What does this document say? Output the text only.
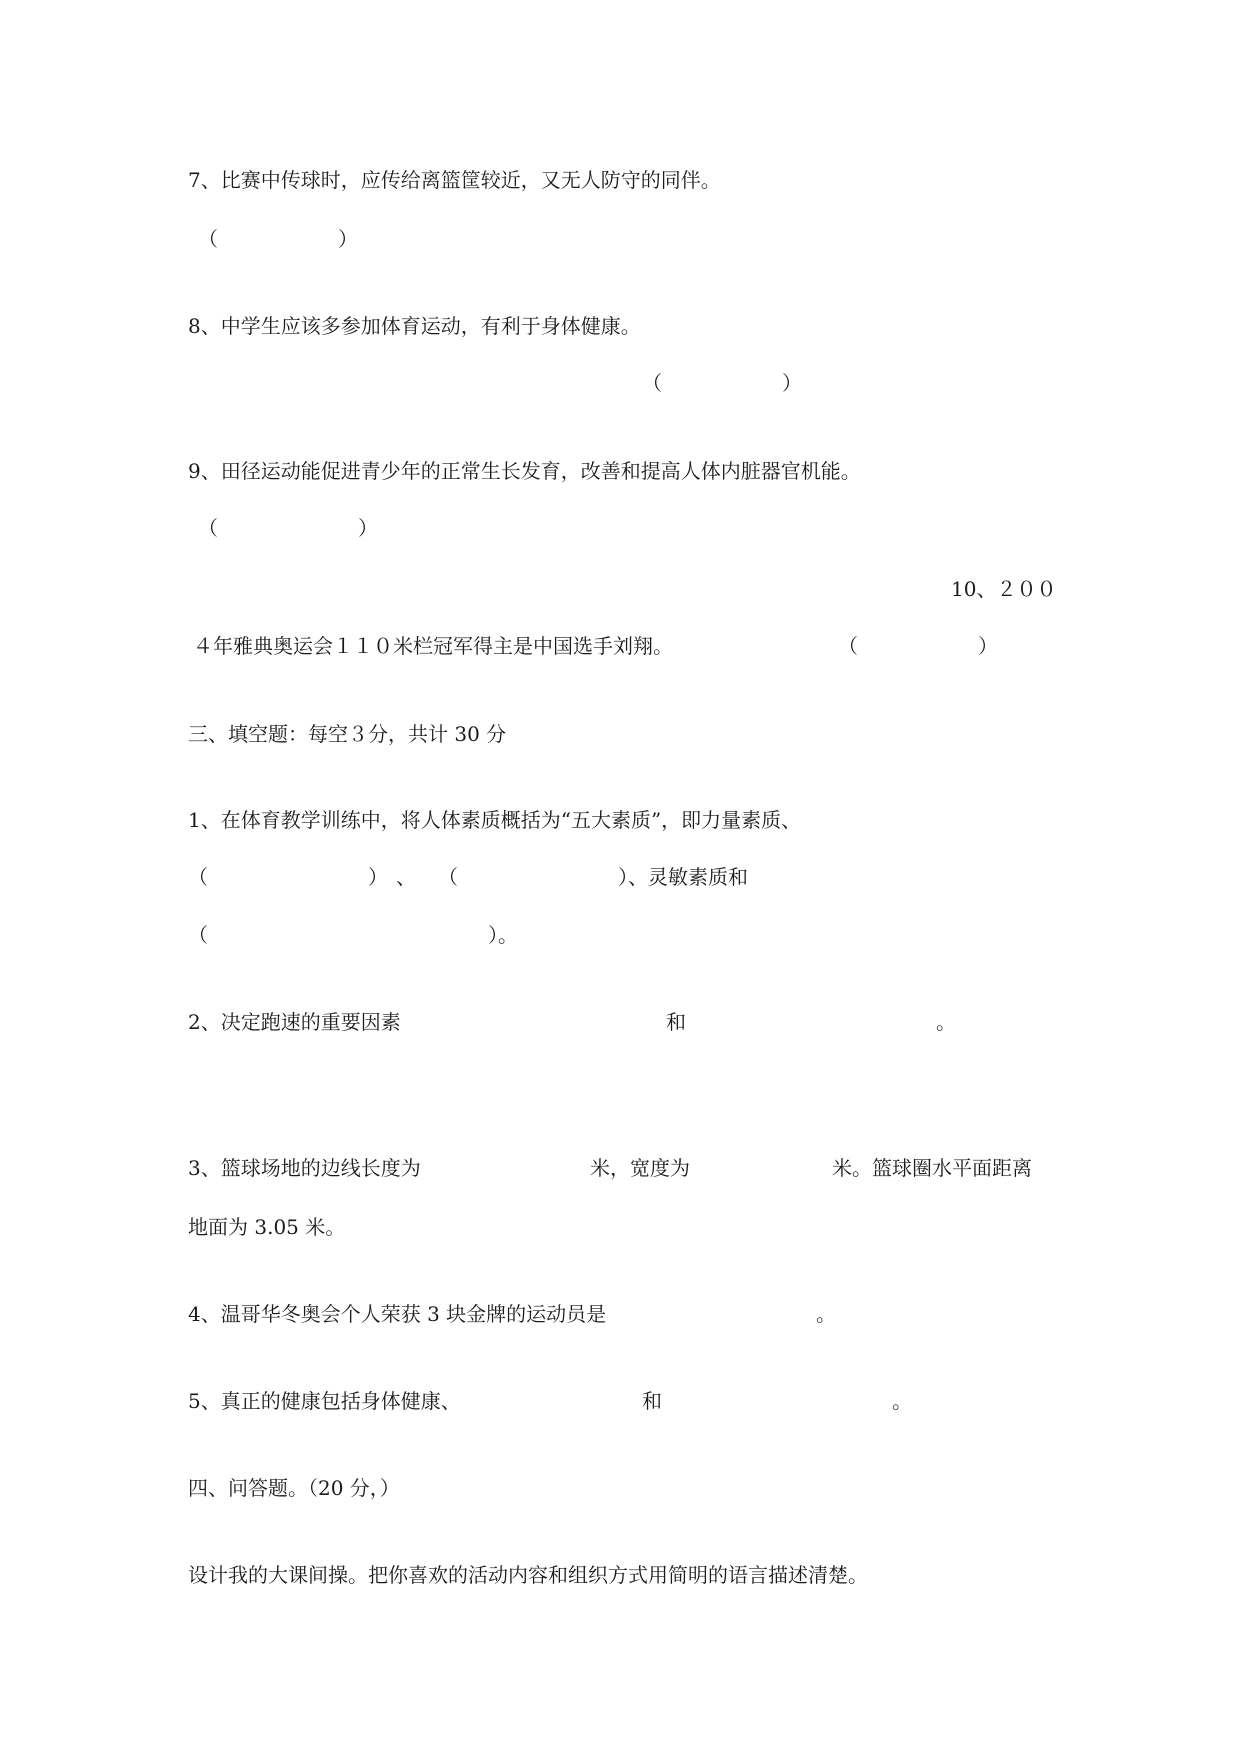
7、比赛中传球时，应传给离篮筐较近，又无人防守的同伴。
（　　　　　　）
8、中学生应该多参加体育运动，有利于身体健康。
（　　　　　　）
9、田径运动能促进青少年的正常生长发育，改善和提高人体内脏器官机能。
（　　　　　　　）
10、２００
４年雅典奥运会１１０米栏冠军得主是中国选手刘翔。	（　　　　　　）
三、填空题：每空３分，共计 30 分
1、在体育教学训练中，将人体素质概括为“五大素质”，即力量素质、
（　　　　　　　　） 、 （　　　　　　　　）、灵敏素质和
（　　　　　　　　　　　　　　）。
2、决定跑速的重要因素	和	。
3、篮球场地的边线长度为	米，宽度为	米。篮球圈水平面距离
地面为 3.05 米。
4、温哥华冬奥会个人荣获 3 块金牌的运动员是	。
5、真正的健康包括身体健康、	和	。
四、问答题。（20 分，）
设计我的大课间操。把你喜欢的活动内容和组织方式用简明的语言描述清楚。
